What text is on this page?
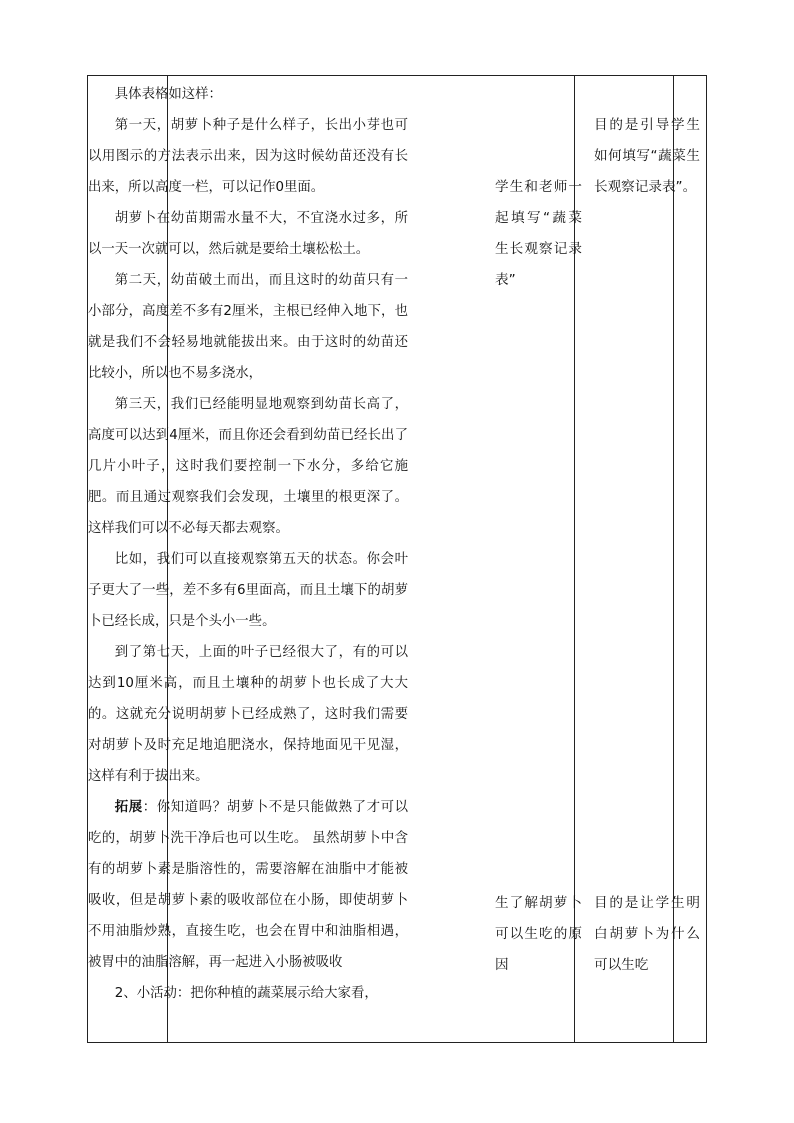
具体表格如这样：

第一天，胡萝卜种子是什么样子，长出小芽也可以用图示的方法表示出来，因为这时候幼苗还没有长出来，所以高度一栏，可以记作0里面。

胡萝卜在幼苗期需水量不大，不宜浇水过多，所以一天一次就可以，然后就是要给土壤松松土。

第二天，幼苗破土而出，而且这时的幼苗只有一小部分，高度差不多有2厘米，主根已经伸入地下，也就是我们不会轻易地就能拔出来。由于这时的幼苗还比较小，所以也不易多浇水，

第三天，我们已经能明显地观察到幼苗长高了，高度可以达到4厘米，而且你还会看到幼苗已经长出了几片小叶子，这时我们要控制一下水分，多给它施肥。而且通过观察我们会发现，土壤里的根更深了。这样我们可以不必每天都去观察。

比如，我们可以直接观察第五天的状态。你会叶子更大了一些，差不多有6里面高，而且土壤下的胡萝卜已经长成，只是个头小一些。

到了第七天，上面的叶子已经很大了，有的可以达到10厘米高，而且土壤种的胡萝卜也长成了大大的。这就充分说明胡萝卜已经成熟了，这时我们需要对胡萝卜及时充足地追肥浇水，保持地面见干见湿，这样有利于拔出来。

拓展：你知道吗？胡萝卜不是只能做熟了才可以吃的，胡萝卜洗干净后也可以生吃。 虽然胡萝卜中含有的胡萝卜素是脂溶性的，需要溶解在油脂中才能被吸收，但是胡萝卜素的吸收部位在小肠，即使胡萝卜不用油脂炒熟，直接生吃，也会在胃中和油脂相遇，被胃中的油脂溶解，再一起进入小肠被吸收

2、小活动：把你种植的蔬菜展示给大家看，

学生和老师一起填写“蔬菜生长观察记录表”
生了解胡萝卜可以生吃的原因
目的是引导学生如何填写“蔬菜生长观察记录表”。
目的是让学生明白胡萝卜为什么可以生吃
